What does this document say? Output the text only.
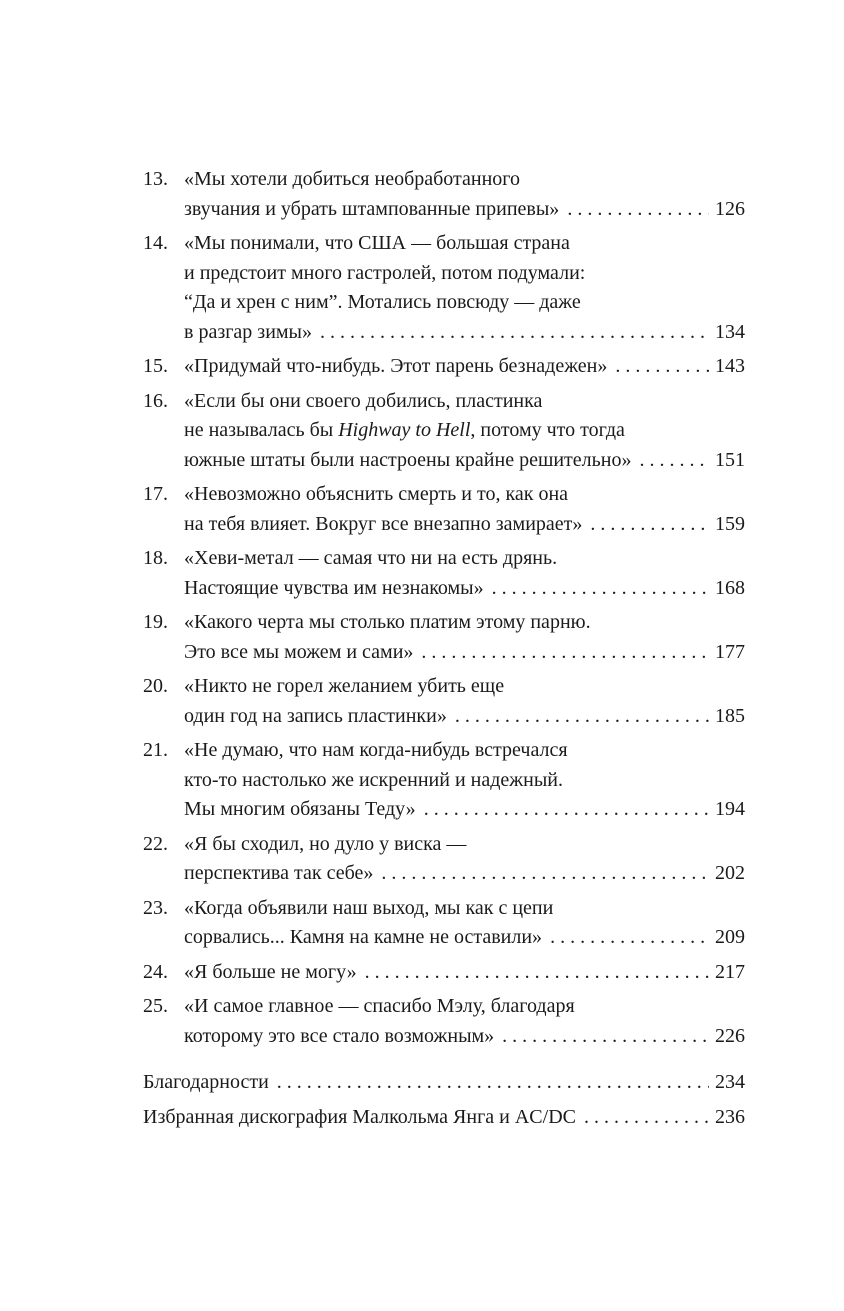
13. «Мы хотели добиться необработанного
звучания и убрать штампованные припевы» . . .	126
14. «Мы понимали, что США — большая страна
и предстоит много гастролей, потом подумали:
“Да и хрен с ним”. Мотались повсюду — даже
в разгар зимы» . . .	134
15. «Придумай что-нибудь. Этот парень безнадежен» . . .	143
16. «Если бы они своего добились, пластинка
не называлась бы Highway to Hell, потому что тогда
южные штаты были настроены крайне решительно» . . .	151
17. «Невозможно объяснить смерть и то, как она
на тебя влияет. Вокруг все внезапно замирает» . . .	159
18. «Хеви-метал — самая что ни на есть дрянь.
Настоящие чувства им незнакомы» . . .	168
19. «Какого черта мы столько платим этому парню.
Это все мы можем и сами» . . .	177
20. «Никто не горел желанием убить еще
один год на запись пластинки» . . .	185
21. «Не думаю, что нам когда-нибудь встречался
кто-то настолько же искренний и надежный.
Мы многим обязаны Теду» . . .	194
22. «Я бы сходил, но дуло у виска —
перспектива так себе» . . .	202
23. «Когда объявили наш выход, мы как с цепи
сорвались... Камня на камне не оставили» . . .	209
24. «Я больше не могу» . . .	217
25. «И самое главное — спасибо Мэлу, благодаря
которому это все стало возможным» . . .	226
Благодарности . . .	234
Избранная дискография Малкольма Янга и AC/DC . . .	236
